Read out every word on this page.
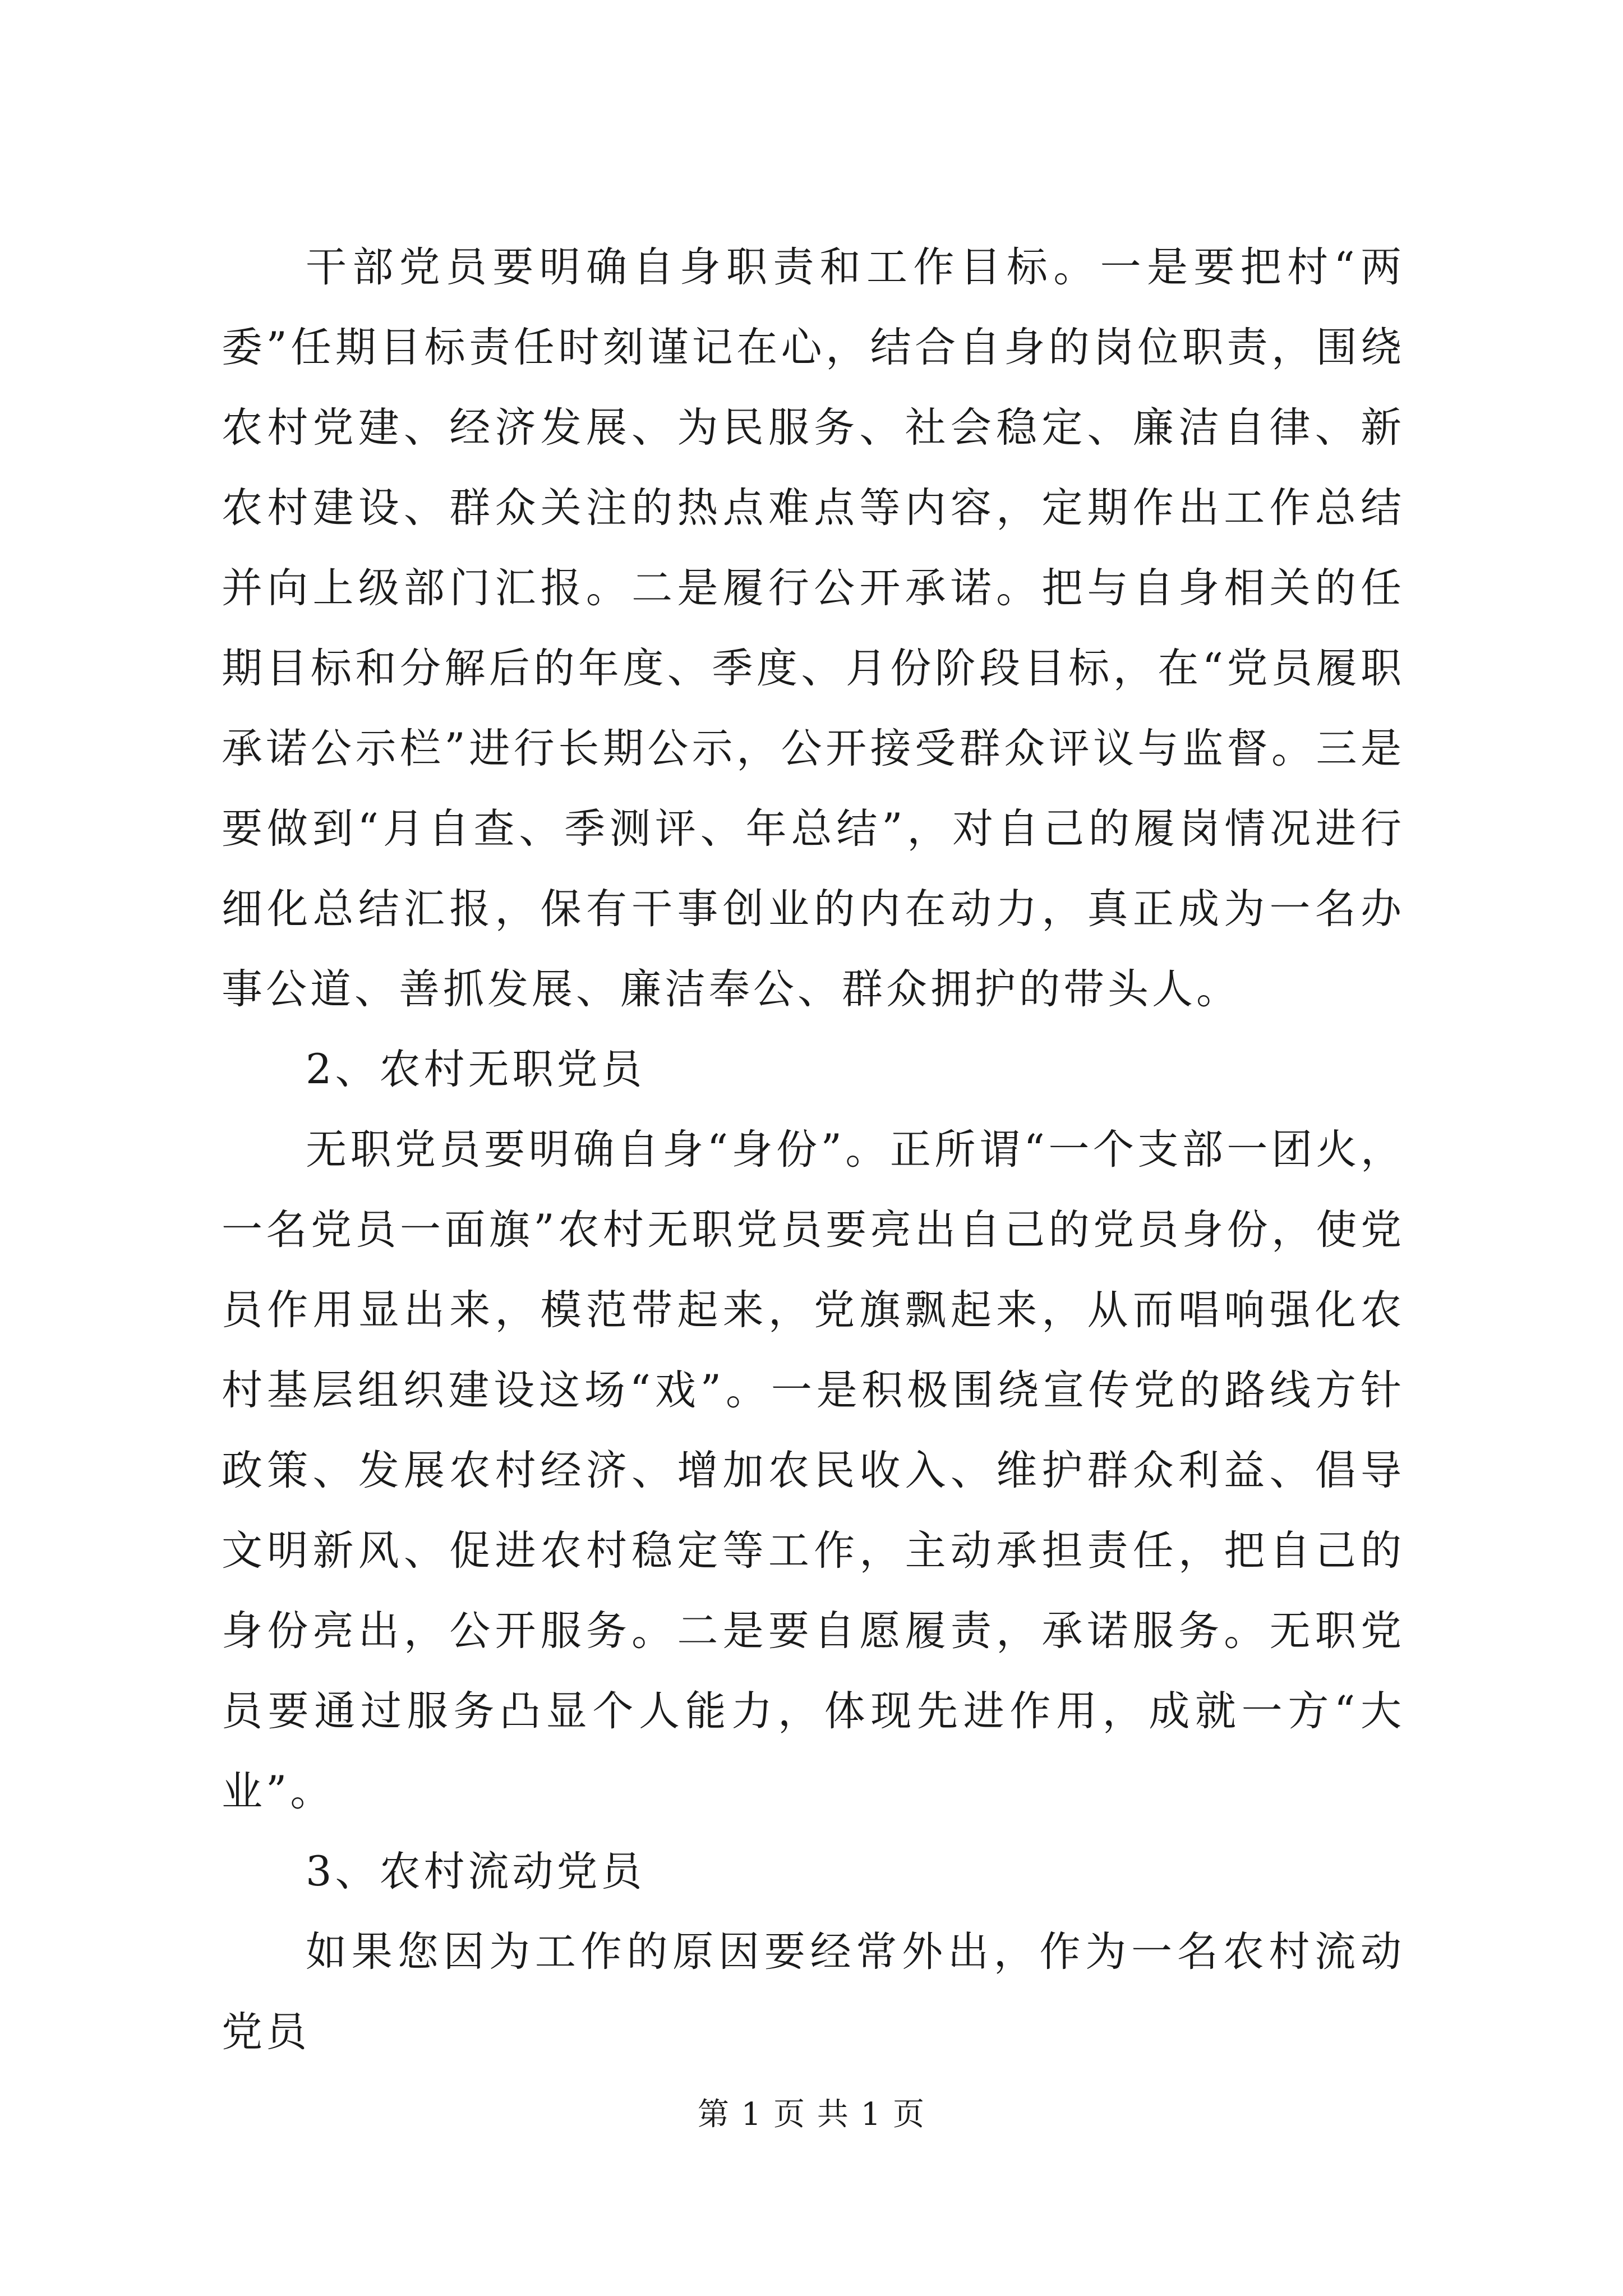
干部党员要明确自身职责和工作目标。一是要把村“两委”任期目标责任时刻谨记在心，结合自身的岗位职责，围绕农村党建、经济发展、为民服务、社会稳定、廉洁自律、新农村建设、群众关注的热点难点等内容，定期作出工作总结并向上级部门汇报。二是履行公开承诺。把与自身相关的任期目标和分解后的年度、季度、月份阶段目标，在“党员履职承诺公示栏”进行长期公示，公开接受群众评议与监督。三是要做到“月自查、季测评、年总结”，对自己的履岗情况进行细化总结汇报，保有干事创业的内在动力，真正成为一名办事公道、善抓发展、廉洁奉公、群众拥护的带头人。

2、农村无职党员

无职党员要明确自身“身份”。正所谓“一个支部一团火，一名党员一面旗”农村无职党员要亮出自己的党员身份，使党员作用显出来，模范带起来，党旗飘起来，从而唱响强化农村基层组织建设这场“戏”。一是积极围绕宣传党的路线方针政策、发展农村经济、增加农民收入、维护群众利益、倡导文明新风、促进农村稳定等工作，主动承担责任，把自己的身份亮出，公开服务。二是要自愿履责，承诺服务。无职党员要通过服务凸显个人能力，体现先进作用，成就一方“大业”。

3、农村流动党员

如果您因为工作的原因要经常外出，作为一名农村流动党员

第 1 页 共 1 页
